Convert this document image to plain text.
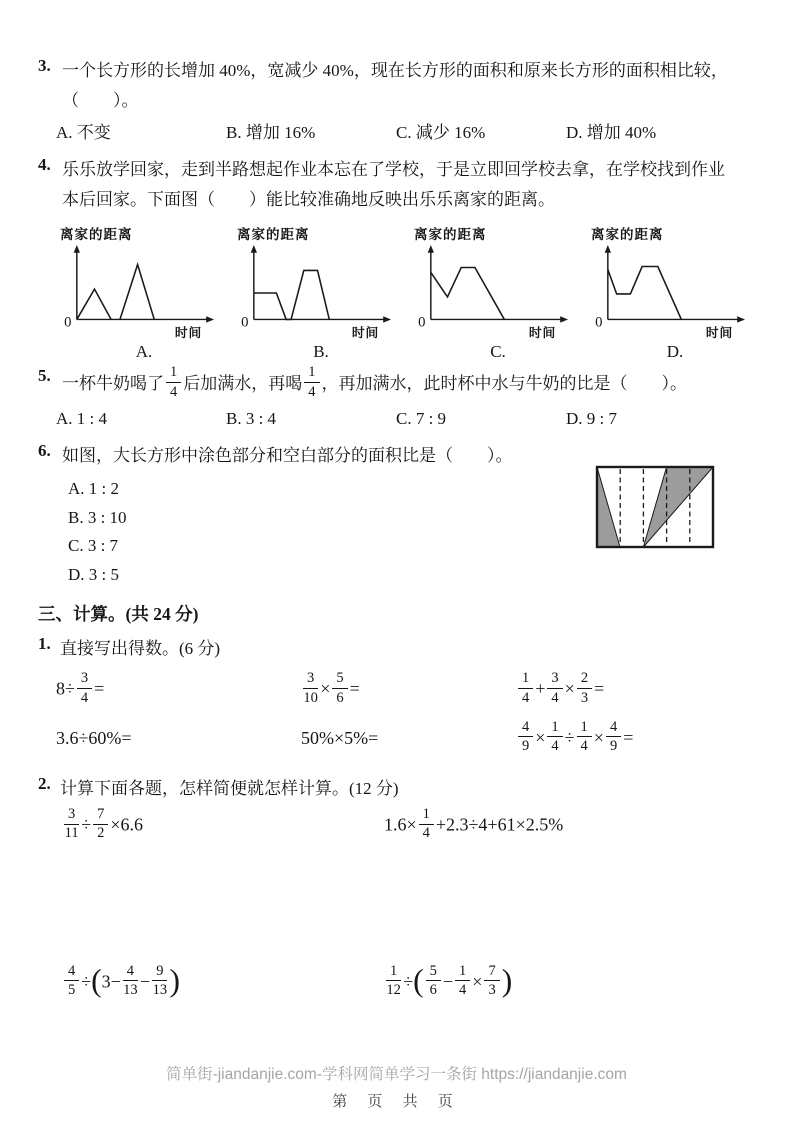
3. 一个长方形的长增加 40%，宽减少 40%，现在长方形的面积和原来长方形的面积相比较，
（　　）。
A. 不变	B. 增加 16%	C. 减少 16%	D. 增加 40%
4. 乐乐放学回家，走到半路想起作业本忘在了学校，于是立即回学校去拿，在学校找到作业
本后回家。下面图（　　）能比较准确地反映出乐乐离家的距离。
离家的距离
0
时间
A.
离家的距离
0
时间
B.
离家的距离
0
时间
C.
离家的距离
0
时间
D.
5. 一杯牛奶喝了 $\frac{1}{4}$ 后加满水，再喝 $\frac{1}{4}$ ，再加满水，此时杯中水与牛奶的比是（　　）。
A. 1 : 4	B. 3 : 4	C. 7 : 9	D. 9 : 7
6. 如图，大长方形中涂色部分和空白部分的面积比是（　　）。
A. 1 : 2
B. 3 : 10
C. 3 : 7
D. 3 : 5
三、计算。(共 24 分)
1. 直接写出得数。(6 分)
$8\div \frac{3}{4}$ =	$\frac{3}{10} \times \frac{5}{6}$ =	$\frac{1}{4} + \frac{3}{4} \times \frac{2}{3}$ =
3.6÷60%=	50%×5%=	$\frac{4}{9} \times \frac{1}{4} \div \frac{1}{4} \times \frac{4}{9}$ =
2. 计算下面各题，怎样简便就怎样计算。(12 分)
$\frac{3}{11} \div \frac{7}{2} \times 6.6$	$1.6\times \frac{1}{4} +2.3\div 4+61\times 2.5\%$
$\frac{4}{5} \div(3- \frac{4}{13} - \frac{9}{13}$ )	$\frac{1}{12}$ ÷( $\frac{5}{6} - \frac{1}{4} \times \frac{7}{3}$ )
简单街-jiandanjie.com-学科网简单学习一条街 https://jiandanjie.com
第 页 共 页
